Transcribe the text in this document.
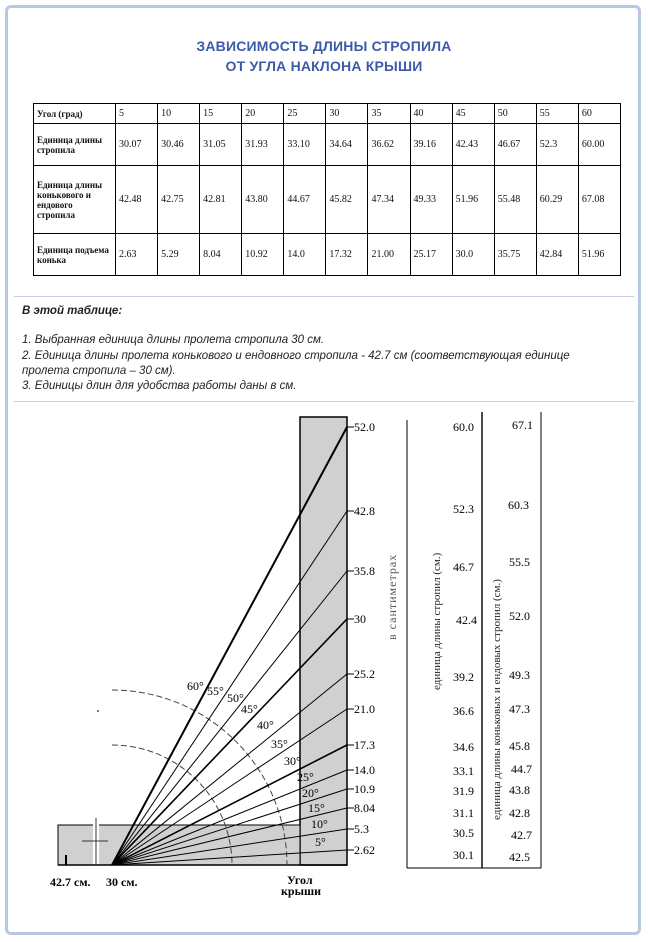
ЗАВИСИМОСТЬ ДЛИНЫ СТРОПИЛА
ОТ УГЛА НАКЛОНА КРЫШИ
Угол (град)	5	10	15	20	25	30	35	40	45	50	55	60
Единица длины стропила	30.07	30.46	31.05	31.93	33.10	34.64	36.62	39.16	42.43	46.67	52.3	60.00
Единица длины конькового и ендового стропила	42.48	42.75	42.81	43.80	44.67	45.82	47.34	49.33	51.96	55.48	60.29	67.08
Единица подъема конька	2.63	5.29	8.04	10.92	14.0	17.32	21.00	25.17	30.0	35.75	42.84	51.96
В этой таблице:
1. Выбранная единица длины пролета стропила 30 см.
2. Единица длины пролета конькового и ендовного стропила - 42.7 см (соответствующая единице
пролета стропила – 30 см).
3. Единицы длин для удобства работы даны в см.
52.0
42.8
35.8
30
25.2
21.0
17.3
14.0
10.9
8.04
5.3
2.62
60° 55° 50°
45°
40°
35°
30°
25°
20°
15°
10°
5°
в сантиметрах
42.7 см. 30 см.	Угол
крыши
единица длины стропил (см.)	единица длины коньковых и ендовых стропил (см.)
60.0
52.3
46.7
42.4
39.2
36.6
34.6
33.1
31.9
31.1
30.5
30.1
67.1
60.3
55.5
52.0
49.3
47.3
45.8
44.7
43.8
42.8
42.7
42.5
